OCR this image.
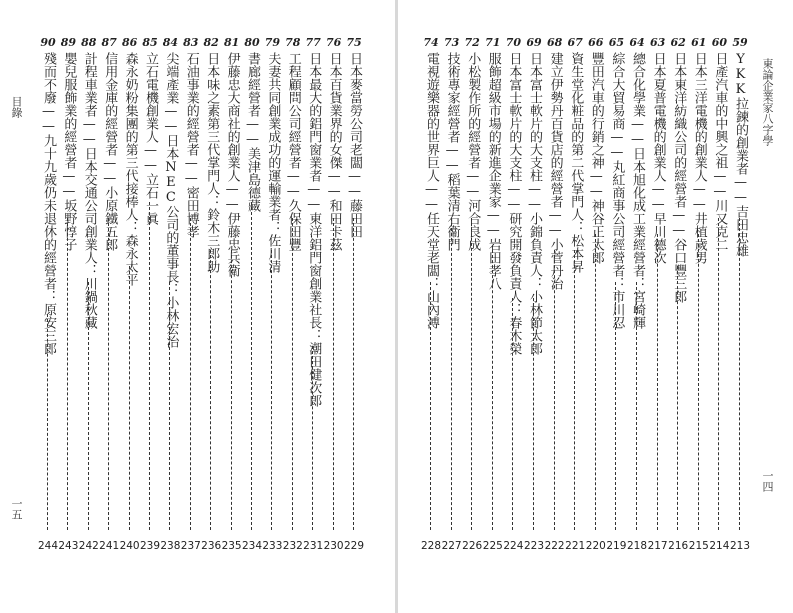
目錄
一五
90
殘而不廢——九十九歲仍未退休的經營者：原安三郎
244
89
嬰兒服飾業的經營者——坂野惇子
243
88
計程車業者——日本交通公司創業人：川鍋秋藏
242
87
信用金庫的經營者——小原鐵五郎
241
86
森永奶粉集團的第三代接棒人：森永太平
240
85
立石電機創業人——立石一眞
239
84
尖端產業——日本NEC公司的董事長：小林宏治
238
83
石油事業的經營者——密田博孝
237
82
日本味之素第三代掌門人：鈴木三郎助
236
81
伊藤忠大商社的創業人——伊藤忠兵衛
235
80
書廊經營者——美津島德藏
234
79
夫妻共同創業成功的運輸業者：佐川清
233
78
工程顧問公司經營者——久保田豐
232
77
日本最大的鋁門窗業者——東洋鋁門窗創業社長：潮田健次郎
231
76
日本百貨業界的女傑——和田卡茲
230
75
日本麥當勞公司老闆——藤田田
229
東論企業家八字學
一四
74
電視遊樂器的世界巨人——任天堂老闆：山內溥
228
73
技術專家經營者——稻葉清右衞門
227
72
小松製作所的經營者——河合良成
226
71
服飾超級市場的新進企業家——岩田孝八
225
70
日本富士軟片的大支柱——研究開發負責人：春木榮
224
69
日本富士軟片的大支柱——小錦負責人：小林節太郎
223
68
建立伊勢丹百貨店的經營者——小菅丹治
222
67
資生堂化粧品的第二代掌門人：松本昇
221
66
豐田汽車的行銷之神——神谷正太郎
220
65
綜合大貿易商——丸紅商事公司經營者：市川忍
219
64
總合化學業——日本旭化成工業經營者：宮崎輝
218
63
日本夏普電機的創業人——早川德次
217
62
日本東洋紡織公司的經營者——谷口豐三郎
216
61
日本三洋電機的創業人——井植歲男
215
60
日產汽車的中興之祖——川又克二
214
59
YKK拉鍊的創業者——吉田忠雄
213
